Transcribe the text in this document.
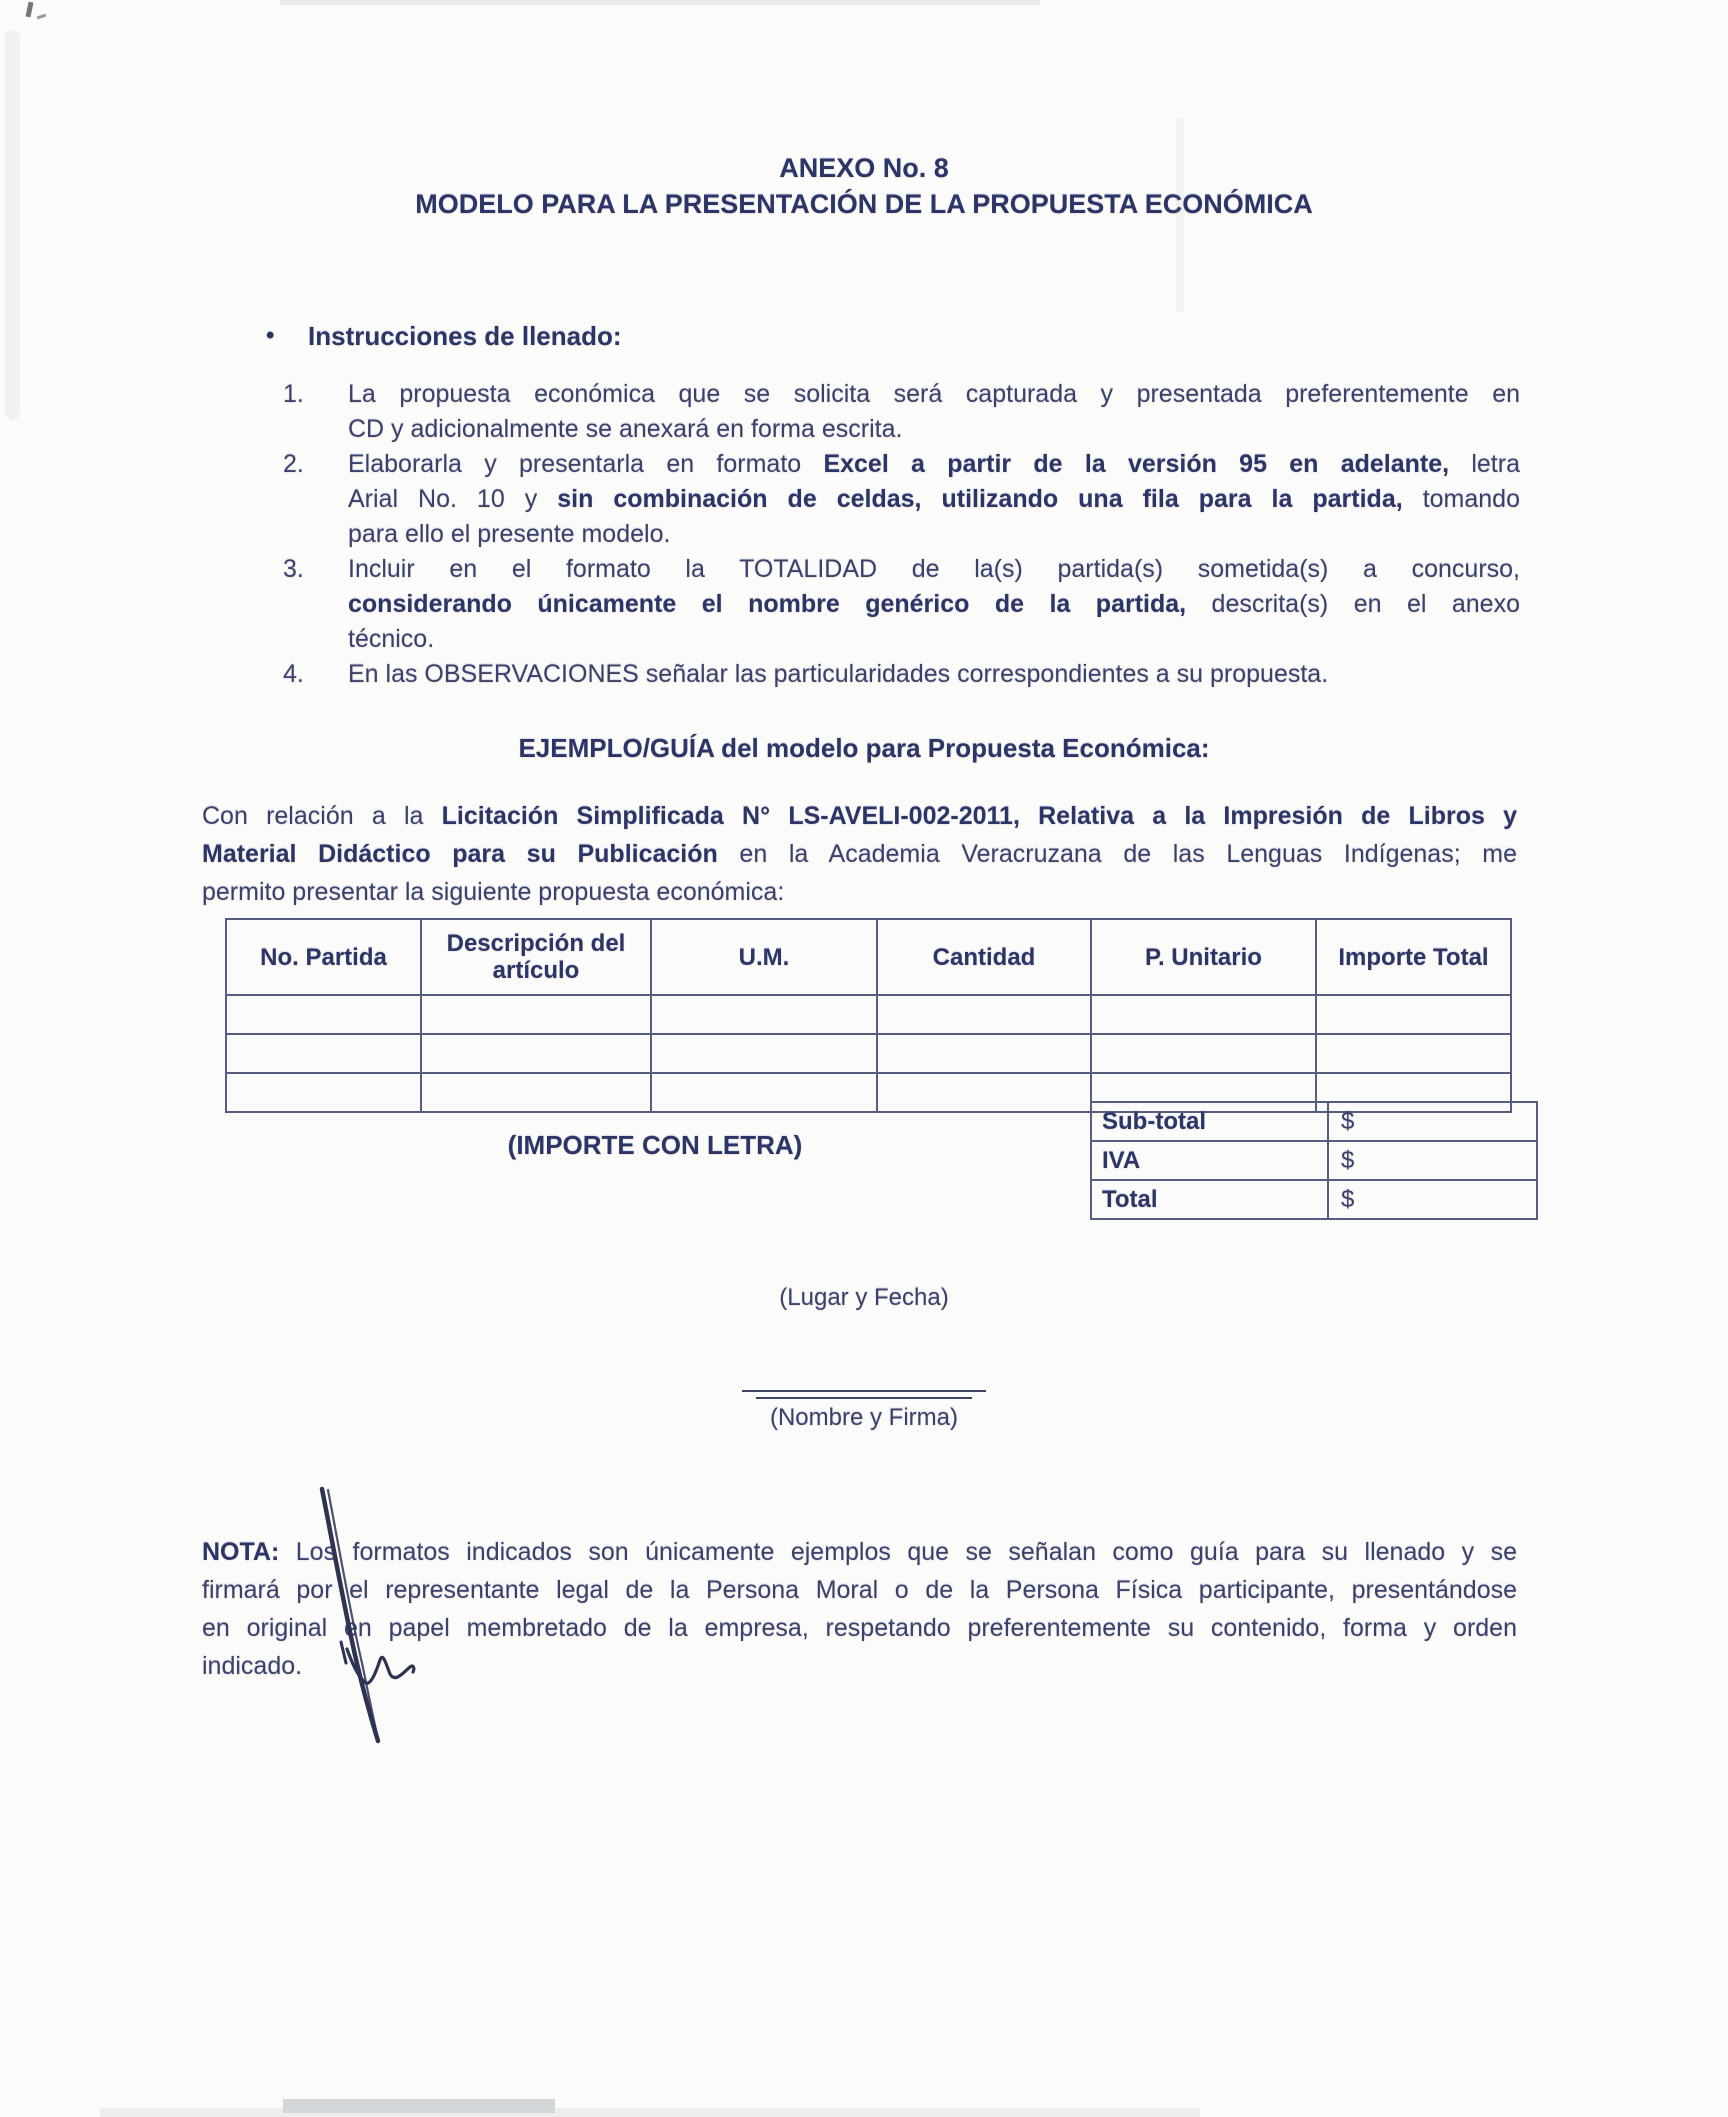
ANEXO No. 8
MODELO PARA LA PRESENTACIÓN DE LA PROPUESTA ECONÓMICA
•	Instrucciones de llenado:
1.	La propuesta económica que se solicita será capturada y presentada preferentemente en
CD y adicionalmente se anexará en forma escrita.
2.	Elaborarla y presentarla en formato Excel a partir de la versión 95 en adelante, letra
Arial No. 10 y sin combinación de celdas, utilizando una fila para la partida, tomando
para ello el presente modelo.
3.	Incluir en el formato la TOTALIDAD de la(s) partida(s) sometida(s) a concurso,
considerando únicamente el nombre genérico de la partida, descrita(s) en el anexo
técnico.
4.	En las OBSERVACIONES señalar las particularidades correspondientes a su propuesta.
EJEMPLO/GUÍA del modelo para Propuesta Económica:
Con relación a la Licitación Simplificada N° LS-AVELI-002-2011, Relativa a la Impresión de Libros y
Material Didáctico para su Publicación en la Academia Veracruzana de las Lenguas Indígenas; me
permito presentar la siguiente propuesta económica:
No. Partida	Descripción del artículo	U.M.	Cantidad	P. Unitario	Importe Total

(IMPORTE CON LETRA)
Sub-total	$
IVA	$
Total	$
(Lugar y Fecha)
(Nombre y Firma)
NOTA: Los formatos indicados son únicamente ejemplos que se señalan como guía para su llenado y se
firmará por el representante legal de la Persona Moral o de la Persona Física participante, presentándose
en original en papel membretado de la empresa, respetando preferentemente su contenido, forma y orden
indicado.
